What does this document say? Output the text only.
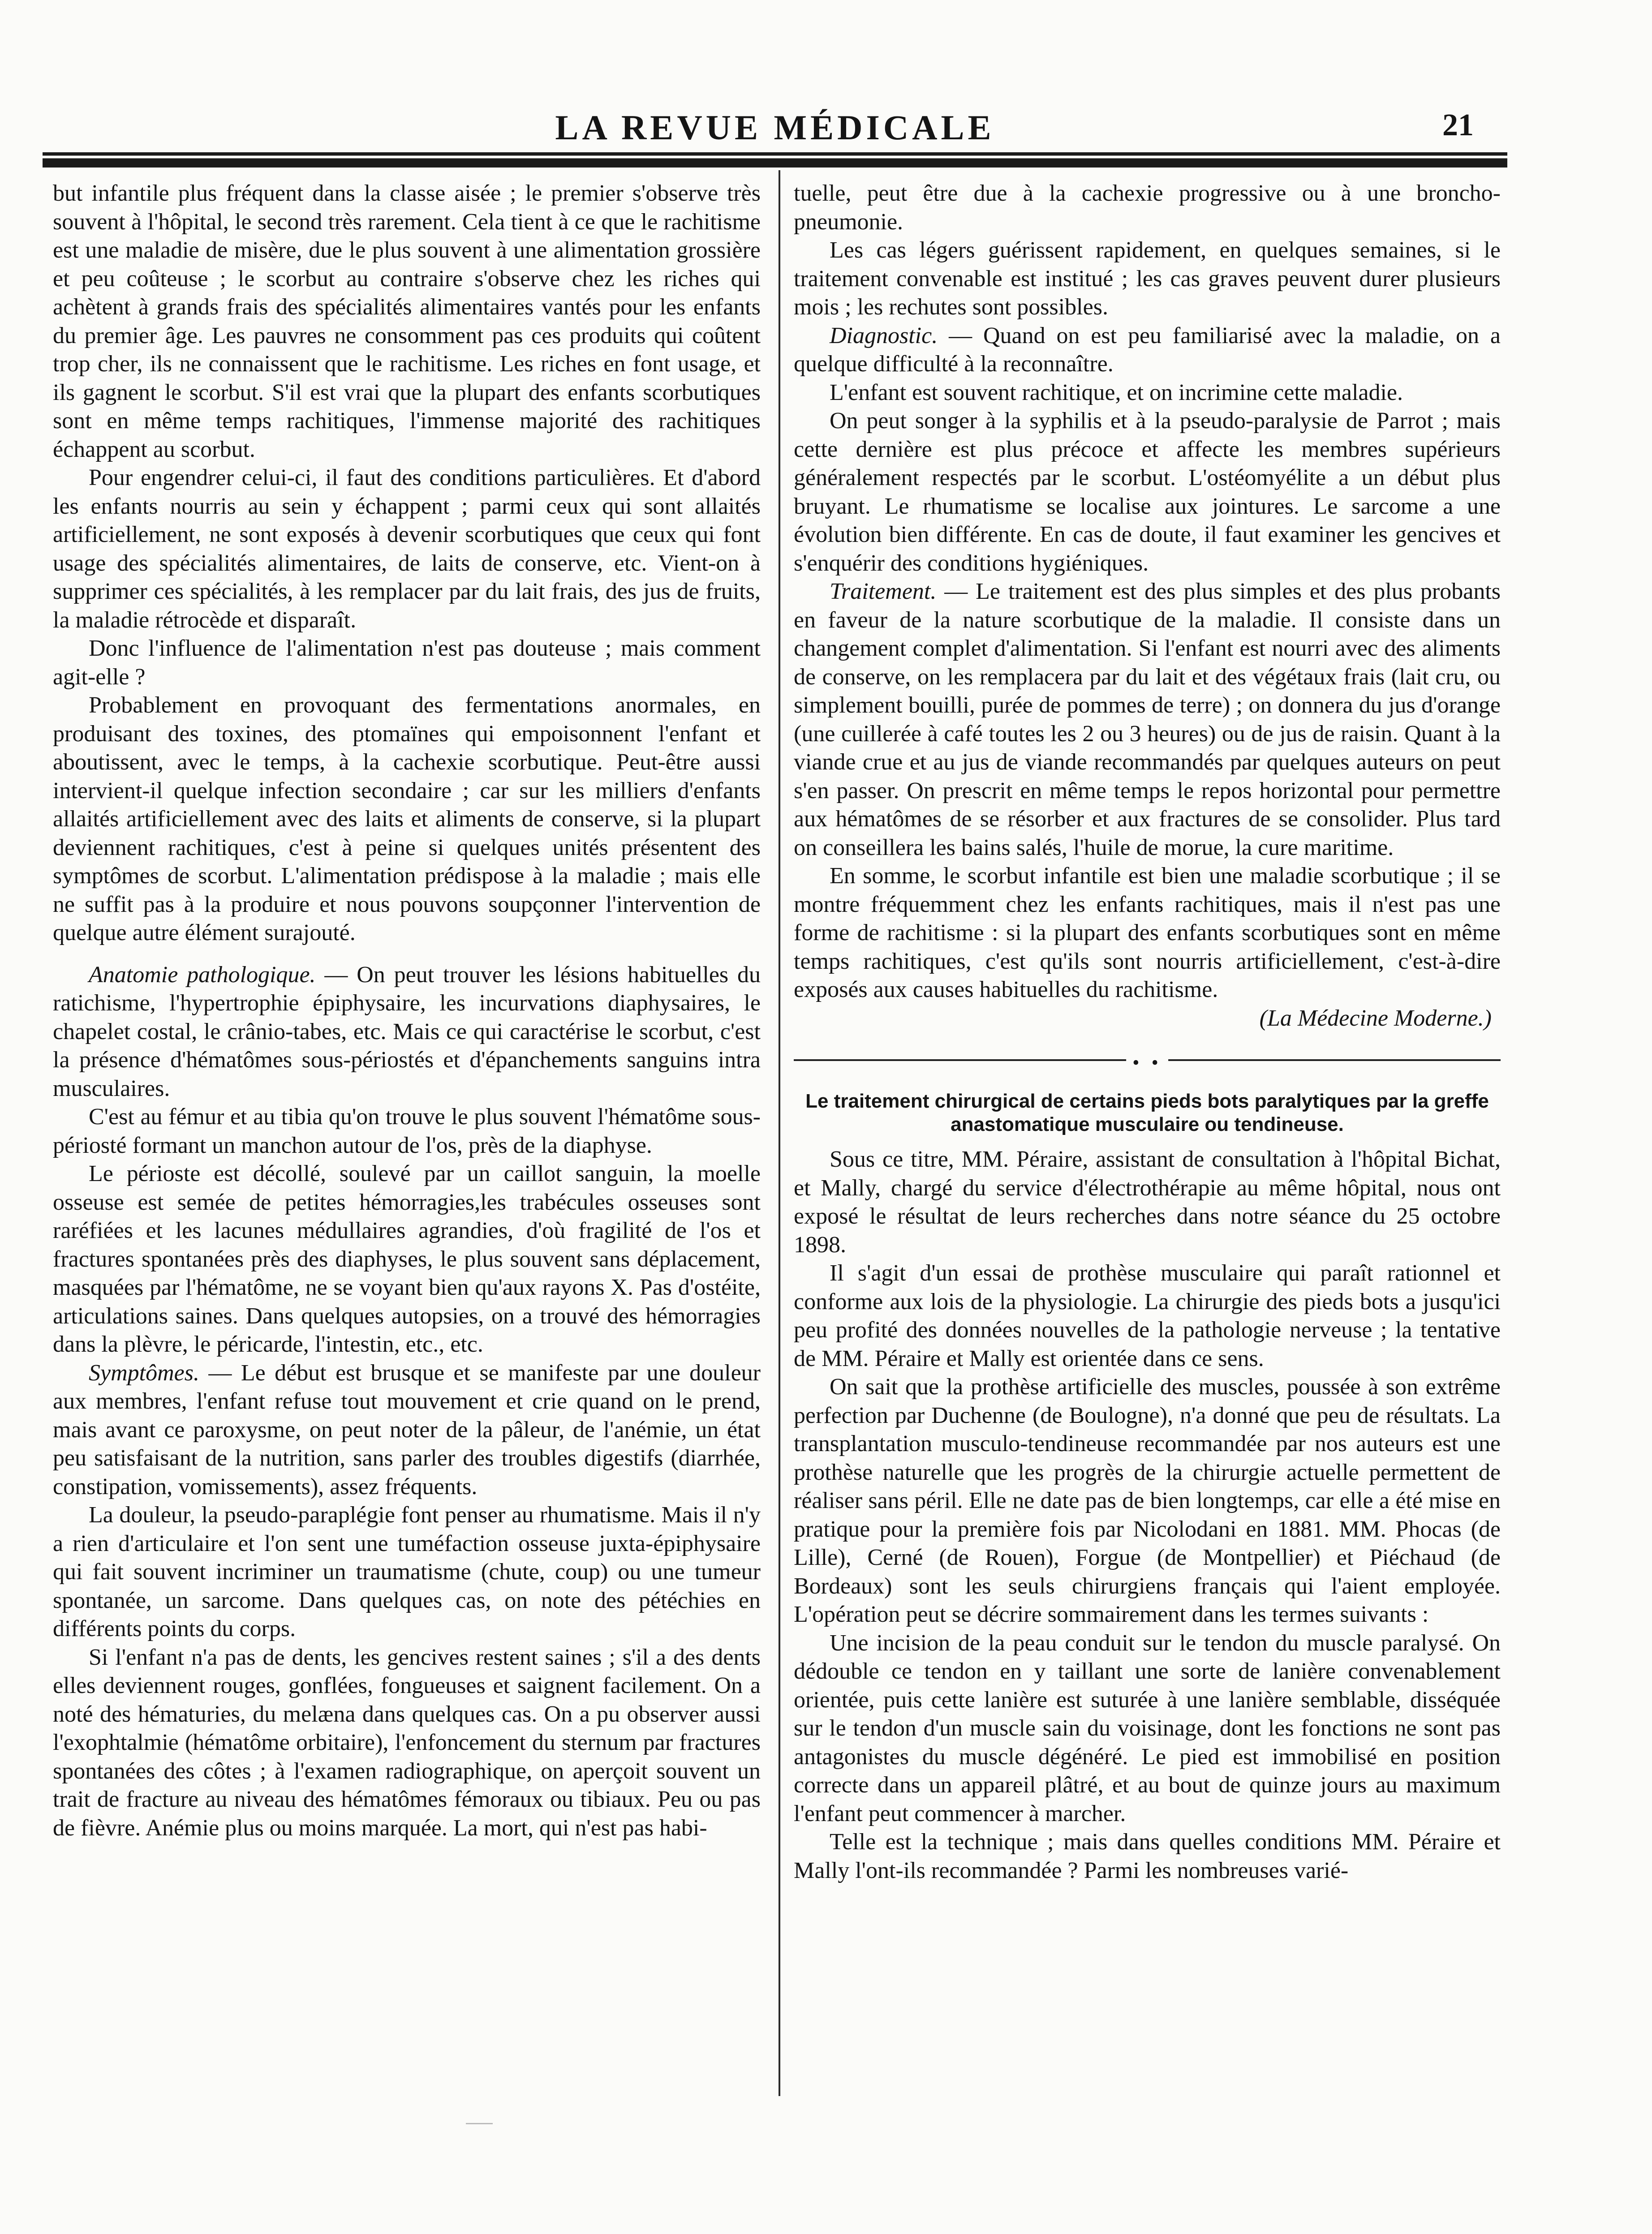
LA REVUE MÉDICALE	21

but infantile plus fréquent dans la classe aisée ; le premier s'observe très souvent à l'hôpital, le second très rarement. Cela tient à ce que le rachitisme est une maladie de misère, due le plus souvent à une alimentation grossière et peu coûteuse ; le scorbut au contraire s'observe chez les riches qui achètent à grands frais des spécialités alimentaires vantés pour les enfants du premier âge. Les pauvres ne consomment pas ces produits qui coûtent trop cher, ils ne connaissent que le rachitisme. Les riches en font usage, et ils gagnent le scorbut. S'il est vrai que la plupart des enfants scorbutiques sont en même temps rachitiques, l'immense majorité des rachitiques échappent au scorbut.

Pour engendrer celui-ci, il faut des conditions particulières. Et d'abord les enfants nourris au sein y échappent ; parmi ceux qui sont allaités artificiellement, ne sont exposés à devenir scorbutiques que ceux qui font usage des spécialités alimentaires, de laits de conserve, etc. Vient-on à supprimer ces spécialités, à les remplacer par du lait frais, des jus de fruits, la maladie rétrocède et disparaît.

Donc l'influence de l'alimentation n'est pas douteuse ; mais comment agit-elle ?

Probablement en provoquant des fermentations anormales, en produisant des toxines, des ptomaïnes qui empoisonnent l'enfant et aboutissent, avec le temps, à la cachexie scorbutique. Peut-être aussi intervient-il quelque infection secondaire ; car sur les milliers d'enfants allaités artificiellement avec des laits et aliments de conserve, si la plupart deviennent rachitiques, c'est à peine si quelques unités présentent des symptômes de scorbut. L'alimentation prédispose à la maladie ; mais elle ne suffit pas à la produire et nous pouvons soupçonner l'intervention de quelque autre élément surajouté.

Anatomie pathologique. — On peut trouver les lésions habituelles du ratichisme, l'hypertrophie épiphysaire, les incurvations diaphysaires, le chapelet costal, le crânio-tabes, etc. Mais ce qui caractérise le scorbut, c'est la présence d'hématômes sous-périostés et d'épanchements sanguins intra musculaires.

C'est au fémur et au tibia qu'on trouve le plus souvent l'hématôme sous-périosté formant un manchon autour de l'os, près de la diaphyse.

Le périoste est décollé, soulevé par un caillot sanguin, la moelle osseuse est semée de petites hémorragies,les trabécules osseuses sont raréfiées et les lacunes médullaires agrandies, d'où fragilité de l'os et fractures spontanées près des diaphyses, le plus souvent sans déplacement, masquées par l'hématôme, ne se voyant bien qu'aux rayons X. Pas d'ostéite, articulations saines. Dans quelques autopsies, on a trouvé des hémorragies dans la plèvre, le péricarde, l'intestin, etc., etc.

Symptômes. — Le début est brusque et se manifeste par une douleur aux membres, l'enfant refuse tout mouvement et crie quand on le prend, mais avant ce paroxysme, on peut noter de la pâleur, de l'anémie, un état peu satisfaisant de la nutrition, sans parler des troubles digestifs (diarrhée, constipation, vomissements), assez fréquents.

La douleur, la pseudo-paraplégie font penser au rhumatisme. Mais il n'y a rien d'articulaire et l'on sent une tuméfaction osseuse juxta-épiphysaire qui fait souvent incriminer un traumatisme (chute, coup) ou une tumeur spontanée, un sarcome. Dans quelques cas, on note des pétéchies en différents points du corps.

Si l'enfant n'a pas de dents, les gencives restent saines ; s'il a des dents elles deviennent rouges, gonflées, fongueuses et saignent facilement. On a noté des hématuries, du melæna dans quelques cas. On a pu observer aussi l'exophtalmie (hématôme orbitaire), l'enfoncement du sternum par fractures spontanées des côtes ; à l'examen radiographique, on aperçoit souvent un trait de fracture au niveau des hématômes fémoraux ou tibiaux. Peu ou pas de fièvre. Anémie plus ou moins marquée. La mort, qui n'est pas habi-

tuelle, peut être due à la cachexie progressive ou à une broncho-pneumonie.

Les cas légers guérissent rapidement, en quelques semaines, si le traitement convenable est institué ; les cas graves peuvent durer plusieurs mois ; les rechutes sont possibles.

Diagnostic. — Quand on est peu familiarisé avec la maladie, on a quelque difficulté à la reconnaître.

L'enfant est souvent rachitique, et on incrimine cette maladie.

On peut songer à la syphilis et à la pseudo-paralysie de Parrot ; mais cette dernière est plus précoce et affecte les membres supérieurs généralement respectés par le scorbut. L'ostéomyélite a un début plus bruyant. Le rhumatisme se localise aux jointures. Le sarcome a une évolution bien différente. En cas de doute, il faut examiner les gencives et s'enquérir des conditions hygiéniques.

Traitement. — Le traitement est des plus simples et des plus probants en faveur de la nature scorbutique de la maladie. Il consiste dans un changement complet d'alimentation. Si l'enfant est nourri avec des aliments de conserve, on les remplacera par du lait et des végétaux frais (lait cru, ou simplement bouilli, purée de pommes de terre) ; on donnera du jus d'orange (une cuillerée à café toutes les 2 ou 3 heures) ou de jus de raisin. Quant à la viande crue et au jus de viande recommandés par quelques auteurs on peut s'en passer. On prescrit en même temps le repos horizontal pour permettre aux hématômes de se résorber et aux fractures de se consolider. Plus tard on conseillera les bains salés, l'huile de morue, la cure maritime.

En somme, le scorbut infantile est bien une maladie scorbutique ; il se montre fréquemment chez les enfants rachitiques, mais il n'est pas une forme de rachitisme : si la plupart des enfants scorbutiques sont en même temps rachitiques, c'est qu'ils sont nourris artificiellement, c'est-à-dire exposés aux causes habituelles du rachitisme.

(La Médecine Moderne.)

• •
Le traitement chirurgical de certains pieds bots paralytiques par la greffe anastomatique musculaire ou tendineuse.

Sous ce titre, MM. Péraire, assistant de consultation à l'hôpital Bichat, et Mally, chargé du service d'électrothérapie au même hôpital, nous ont exposé le résultat de leurs recherches dans notre séance du 25 octobre 1898.

Il s'agit d'un essai de prothèse musculaire qui paraît rationnel et conforme aux lois de la physiologie. La chirurgie des pieds bots a jusqu'ici peu profité des données nouvelles de la pathologie nerveuse ; la tentative de MM. Péraire et Mally est orientée dans ce sens.

On sait que la prothèse artificielle des muscles, poussée à son extrême perfection par Duchenne (de Boulogne), n'a donné que peu de résultats. La transplantation musculo-tendineuse recommandée par nos auteurs est une prothèse naturelle que les progrès de la chirurgie actuelle permettent de réaliser sans péril. Elle ne date pas de bien longtemps, car elle a été mise en pratique pour la première fois par Nicolodani en 1881. MM. Phocas (de Lille), Cerné (de Rouen), Forgue (de Montpellier) et Piéchaud (de Bordeaux) sont les seuls chirurgiens français qui l'aient employée. L'opération peut se décrire sommairement dans les termes suivants :

Une incision de la peau conduit sur le tendon du muscle paralysé. On dédouble ce tendon en y taillant une sorte de lanière convenablement orientée, puis cette lanière est suturée à une lanière semblable, disséquée sur le tendon d'un muscle sain du voisinage, dont les fonctions ne sont pas antagonistes du muscle dégénéré. Le pied est immobilisé en position correcte dans un appareil plâtré, et au bout de quinze jours au maximum l'enfant peut commencer à marcher.

Telle est la technique ; mais dans quelles conditions MM. Péraire et Mally l'ont-ils recommandée ? Parmi les nombreuses varié-
